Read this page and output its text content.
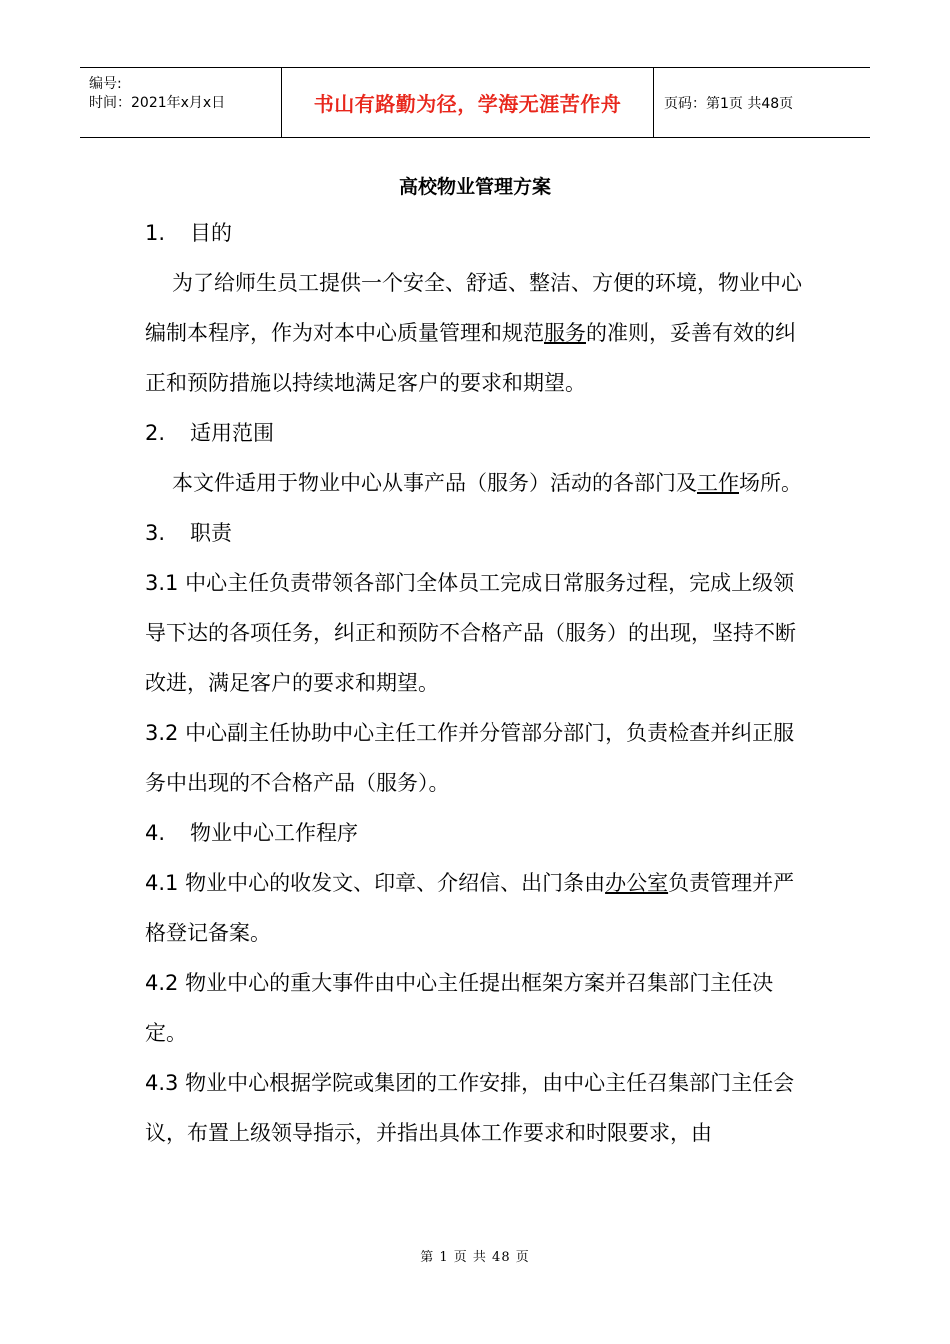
编号:
时间：2021年x月x日	书山有路勤为径，学海无涯苦作舟	页码：第1页 共48页
高校物业管理方案

1. 目的

为了给师生员工提供一个安全、舒适、整洁、方便的环境，物业中心编制本程序，作为对本中心质量管理和规范服务的准则，妥善有效的纠正和预防措施以持续地满足客户的要求和期望。

2. 适用范围

本文件适用于物业中心从事产品（服务）活动的各部门及工作场所。

3. 职责

3.1 中心主任负责带领各部门全体员工完成日常服务过程，完成上级领导下达的各项任务，纠正和预防不合格产品（服务）的出现，坚持不断改进，满足客户的要求和期望。

3.2 中心副主任协助中心主任工作并分管部分部门，负责检查并纠正服务中出现的不合格产品（服务）。

4. 物业中心工作程序

4.1 物业中心的收发文、印章、介绍信、出门条由办公室负责管理并严格登记备案。

4.2 物业中心的重大事件由中心主任提出框架方案并召集部门主任决定。

4.3 物业中心根据学院或集团的工作安排，由中心主任召集部门主任会议，布置上级领导指示，并指出具体工作要求和时限要求，由

第 1 页 共 48 页
